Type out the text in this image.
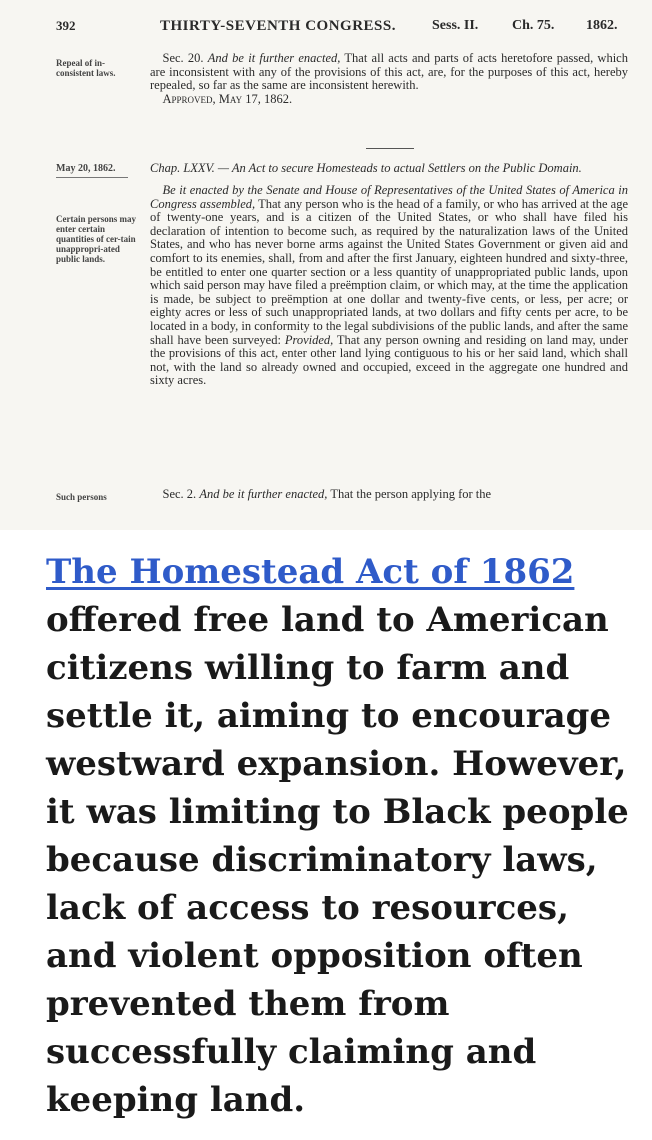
392	THIRTY-SEVENTH CONGRESS.	Sess. II. Ch. 75. 1862.
Repeal of in-consistent laws.
 Sec. 20. And be it further enacted, That all acts and parts of acts heretofore passed, which are inconsistent with any of the provisions of this act, are, for the purposes of this act, hereby repealed, so far as the same are inconsistent herewith.
 Approved, May 17, 1862.
May 20, 1862.	Chap. LXXV. — An Act to secure Homesteads to actual Settlers on the Public Domain.
Certain persons may enter certain quantities of cer-tain unappropri-ated public lands.
 Be it enacted by the Senate and House of Representatives of the United States of America in Congress assembled, That any person who is the head of a family, or who has arrived at the age of twenty-one years, and is a citizen of the United States, or who shall have filed his declaration of intention to become such, as required by the naturalization laws of the United States, and who has never borne arms against the United States Government or given aid and comfort to its enemies, shall, from and after the first January, eighteen hundred and sixty-three, be entitled to enter one quarter section or a less quantity of unappropriated public lands, upon which said person may have filed a preëmption claim, or which may, at the time the application is made, be subject to preëmption at one dollar and twenty-five cents, or less, per acre; or eighty acres or less of such unappropriated lands, at two dollars and fifty cents per acre, to be located in a body, in conformity to the legal subdivisions of the public lands, and after the same shall have been surveyed: Provided, That any person owning and residing on land may, under the provisions of this act, enter other land lying contiguous to his or her said land, which shall not, with the land so already owned and occupied, exceed in the aggregate one hundred and sixty acres.
Such persons
 	Sec. 2. And be it further enacted, That the person applying for the
The Homestead Act of 1862 offered free land to American citizens willing to farm and settle it, aiming to encourage westward expansion. However, it was limiting to Black people because discriminatory laws, lack of access to resources, and violent opposition often prevented them from successfully claiming and keeping land.
